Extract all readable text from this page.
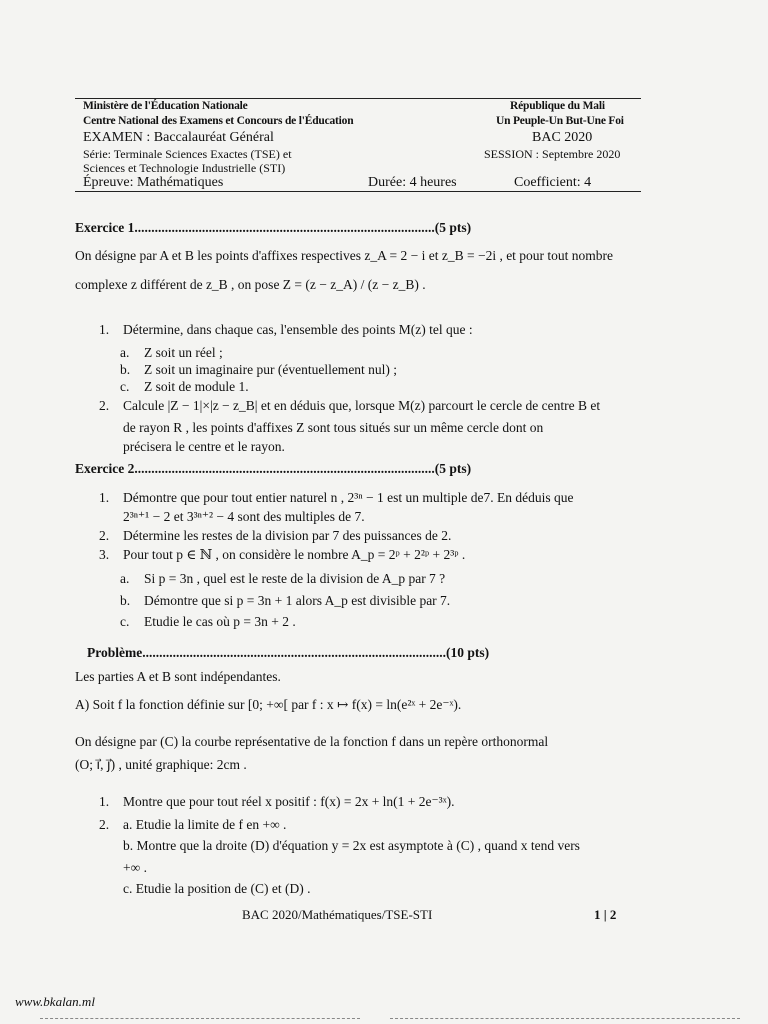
Ministère de l'Éducation Nationale
Centre National des Examens et Concours de l'Éducation
République du Mali
Un Peuple-Un But-Une Foi
EXAMEN : Baccalauréat Général	BAC 2020
Série: Terminale Sciences Exactes (TSE) et	SESSION : Septembre 2020
Sciences et Technologie Industrielle (STI)
Épreuve: Mathématiques	Durée: 4 heures	Coefficient: 4
Exercice 1.........................................................................................(5 pts)
On désigne par A et B les points d'affixes respectives z_A = 2 − i et z_B = −2i , et pour tout nombre
complexe z différent de z_B , on pose Z = (z − z_A) / (z − z_B) .
1. Détermine, dans chaque cas, l'ensemble des points M(z) tel que :
a. Z soit un réel ;
b. Z soit un imaginaire pur (éventuellement nul) ;
c. Z soit de module 1.
2. Calcule |Z − 1|×|z − z_B| et en déduis que, lorsque M(z) parcourt le cercle de centre B et
de rayon R , les points d'affixes Z sont tous situés sur un même cercle dont on
précisera le centre et le rayon.
Exercice 2.........................................................................................(5 pts)
1. Démontre que pour tout entier naturel n , 2³ⁿ − 1 est un multiple de7. En déduis que
2³ⁿ⁺¹ − 2 et 3³ⁿ⁺² − 4 sont des multiples de 7.
2. Détermine les restes de la division par 7 des puissances de 2.
3. Pour tout p ∈ ℕ , on considère le nombre A_p = 2ᵖ + 2²ᵖ + 2³ᵖ .
a. Si p = 3n , quel est le reste de la division de A_p par 7 ?
b. Démontre que si p = 3n + 1 alors A_p est divisible par 7.
c. Etudie le cas où p = 3n + 2 .
Problème..........................................................................................(10 pts)
Les parties A et B sont indépendantes.
A) Soit f la fonction définie sur [0; +∞[ par f : x ↦ f(x) = ln(e²ˣ + 2e⁻ˣ).
On désigne par (C) la courbe représentative de la fonction f dans un repère orthonormal
(O; i⃗, j⃗) , unité graphique: 2cm .
1. Montre que pour tout réel x positif : f(x) = 2x + ln(1 + 2e⁻³ˣ).
2. a. Etudie la limite de f en +∞ .
b. Montre que la droite (D) d'équation y = 2x est asymptote à (C) , quand x tend vers
+∞ .
c. Etudie la position de (C) et (D) .
BAC 2020/Mathématiques/TSE-STI	1 | 2
www.bkalan.ml
